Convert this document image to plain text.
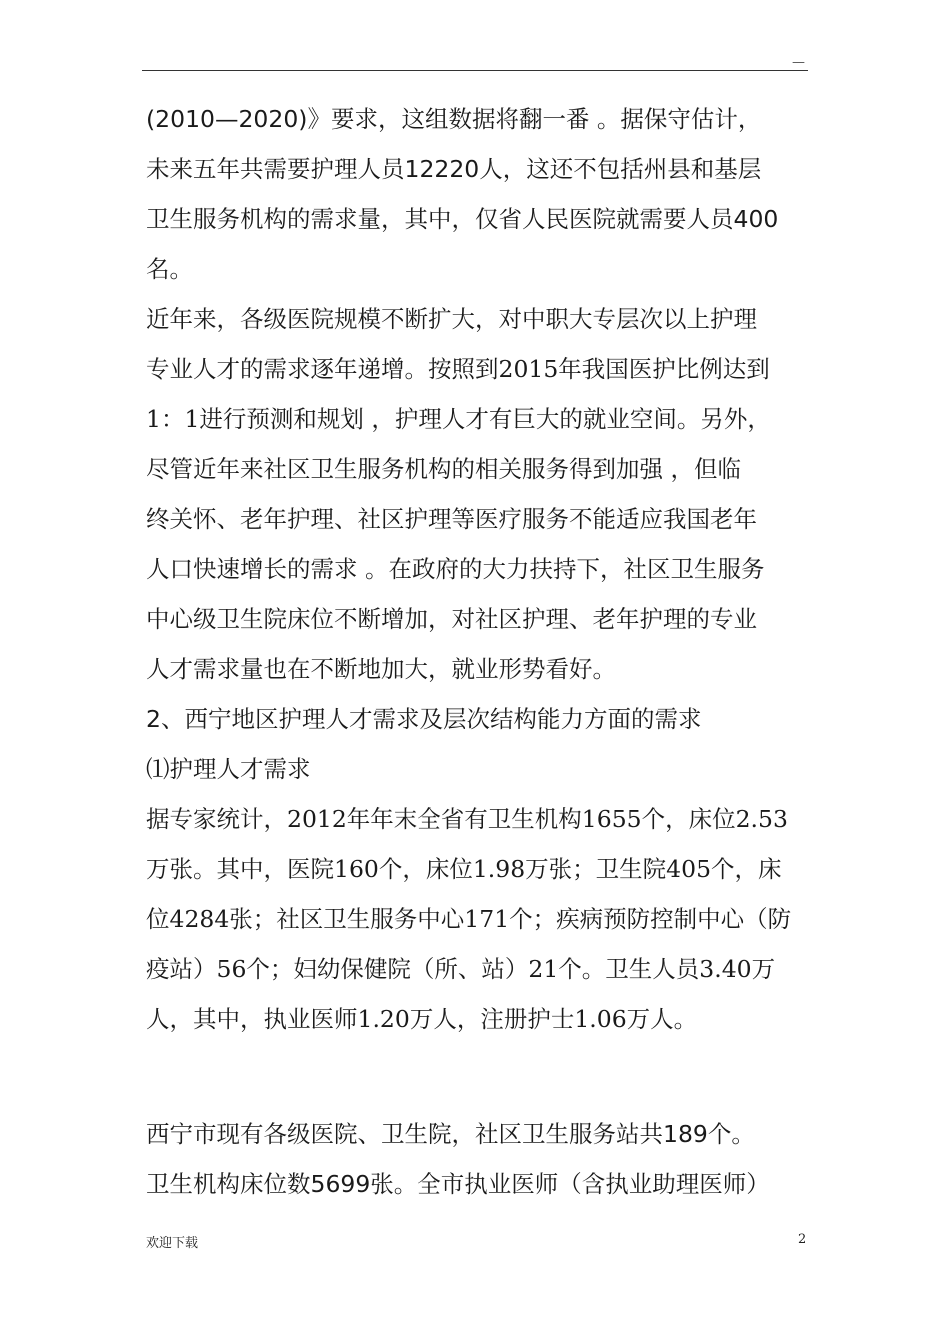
—
(2010—2020)》要求，这组数据将翻一番 。据保守估计，
未来五年共需要护理人员12220人，这还不包括州县和基层
卫生服务机构的需求量，其中，仅省人民医院就需要人员400
名。
近年来，各级医院规模不断扩大，对中职大专层次以上护理
专业人才的需求逐年递增。按照到2015年我国医护比例达到
1：1进行预测和规划 ，护理人才有巨大的就业空间。另外，
尽管近年来社区卫生服务机构的相关服务得到加强 ，但临
终关怀、老年护理、社区护理等医疗服务不能适应我国老年
人口快速增长的需求 。在政府的大力扶持下，社区卫生服务
中心级卫生院床位不断增加，对社区护理、老年护理的专业
人才需求量也在不断地加大，就业形势看好。
2、西宁地区护理人才需求及层次结构能力方面的需求
⑴护理人才需求
据专家统计，2012年年末全省有卫生机构1655个，床位2.53
万张。其中，医院160个，床位1.98万张；卫生院405个，床
位4284张；社区卫生服务中心171个；疾病预防控制中心（防
疫站）56个；妇幼保健院（所、站）21个。卫生人员3.40万
人，其中，执业医师1.20万人，注册护士1.06万人。
西宁市现有各级医院、卫生院，社区卫生服务站共189个。
卫生机构床位数5699张。全市执业医师（含执业助理医师）
欢迎下载	2
